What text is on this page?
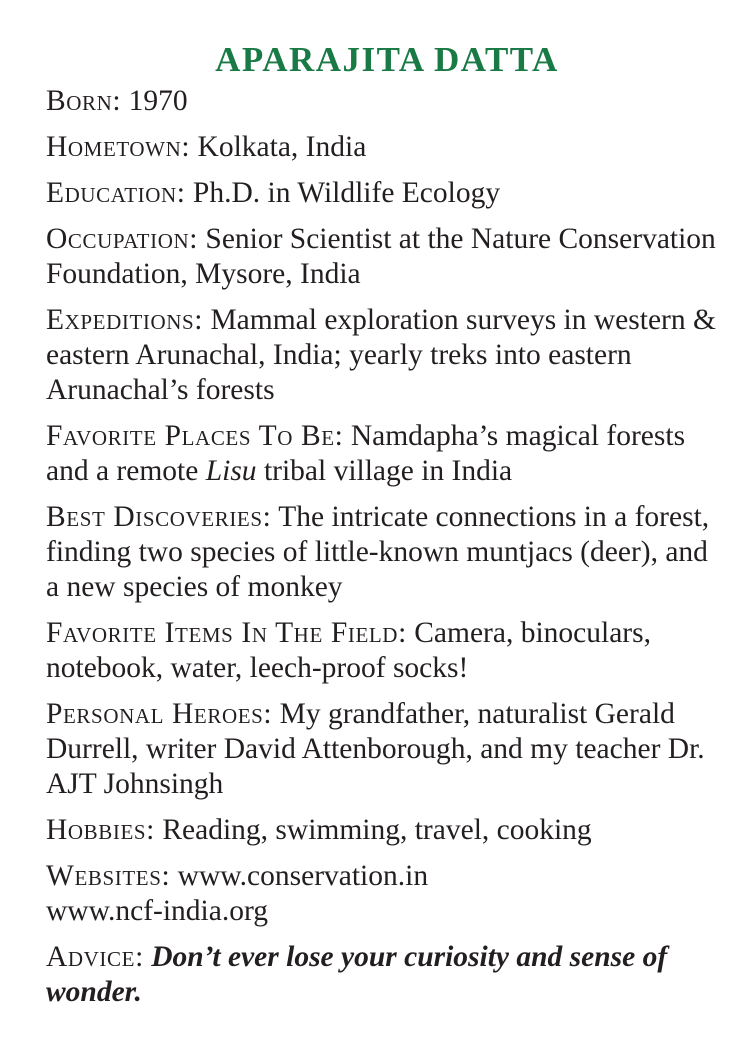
APARAJITA DATTA

Born: 1970

Hometown: Kolkata, India

Education: Ph.D. in Wildlife Ecology

Occupation: Senior Scientist at the Nature Conservation Foundation, Mysore, India

Expeditions: Mammal exploration surveys in western & eastern Arunachal, India; yearly treks into eastern Arunachal’s forests

Favorite Places To Be: Namdapha’s magical forests and a remote Lisu tribal village in India

Best Discoveries: The intricate connections in a forest, finding two species of little-known muntjacs (deer), and a new species of monkey

Favorite Items In The Field: Camera, binoculars, notebook, water, leech-proof socks!

Personal Heroes: My grandfather, naturalist Gerald Durrell, writer David Attenborough, and my teacher Dr. AJT Johnsingh

Hobbies: Reading, swimming, travel, cooking

Websites: www.conservation.in
www.ncf-india.org

Advice: Don’t ever lose your curiosity and sense of wonder.
